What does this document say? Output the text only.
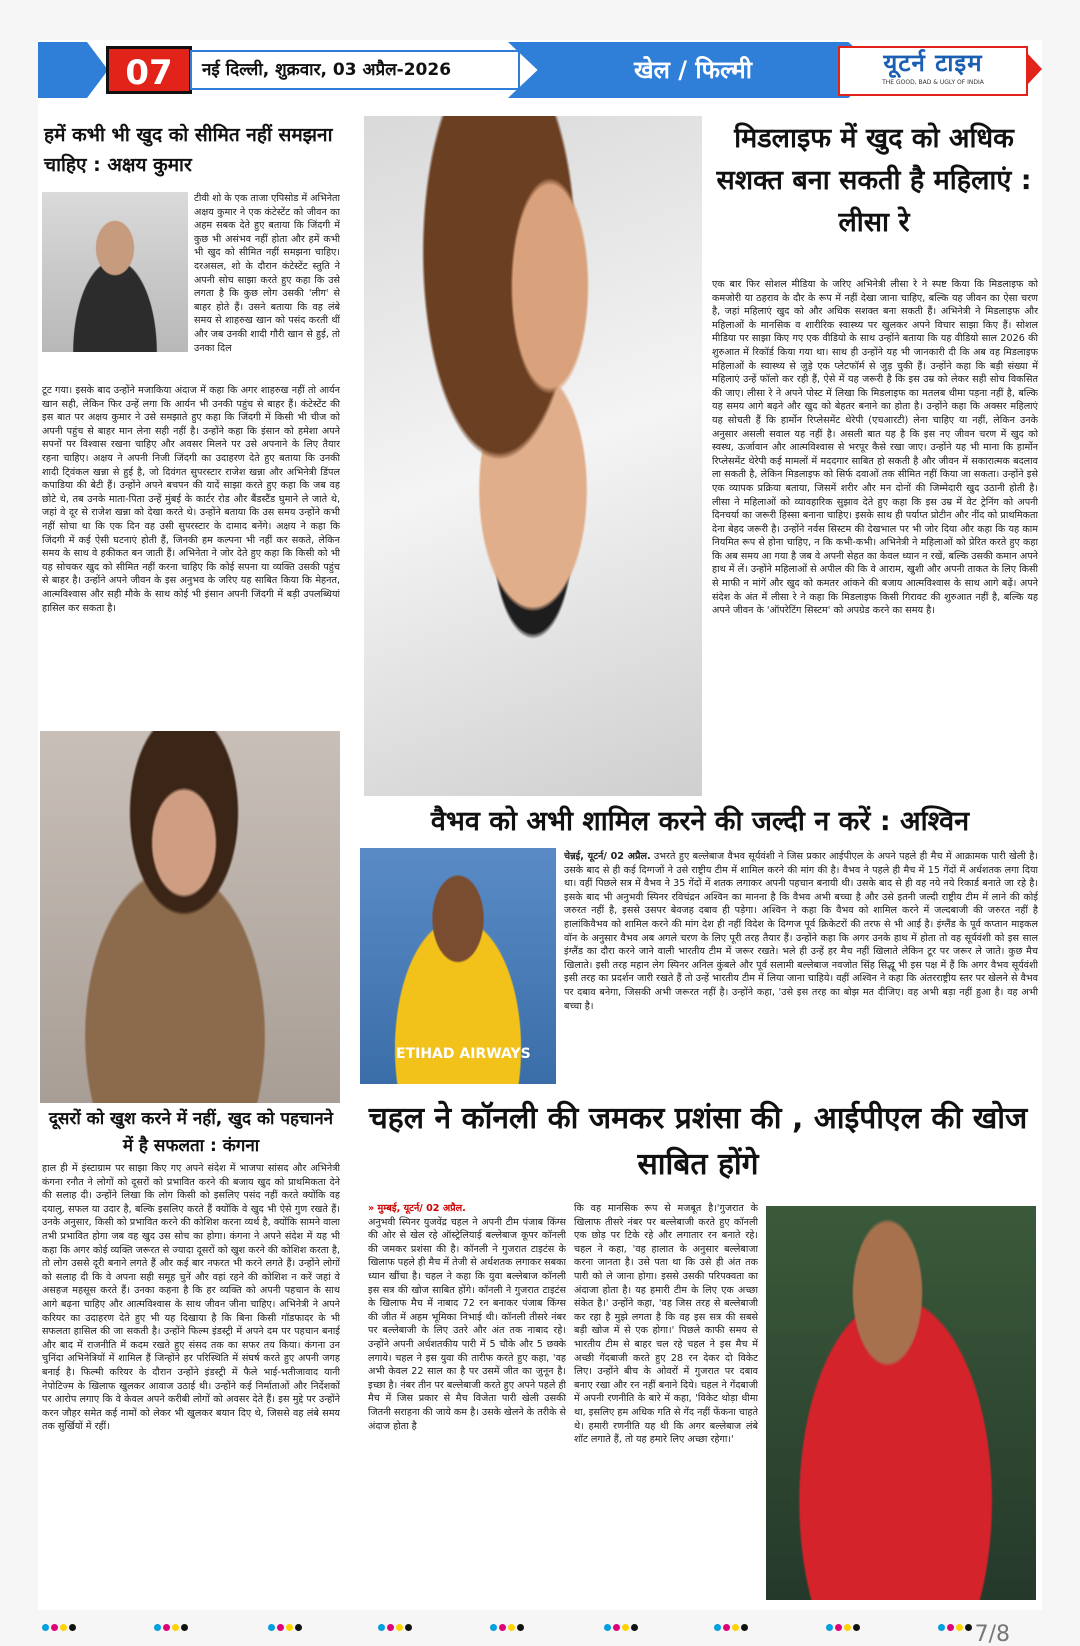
07	नई दिल्ली, शुक्रवार, 03 अप्रैल-2026	खेल / फिल्मी	यूटर्न टाइम
THE GOOD, BAD & UGLY OF INDIA
हमें कभी भी खुद को सीमित नहीं समझना चाहिए : अक्षय कुमार
टीवी शो के एक ताजा एपिसोड में अभिनेता अक्षय कुमार ने एक कंटेस्टेंट को जीवन का अहम सबक देते हुए बताया कि जिंदगी में कुछ भी असंभव नहीं होता और हमें कभी भी खुद को सीमित नहीं समझना चाहिए। दरअसल, शो के दौरान कंटेस्टेंट स्तुति ने अपनी सोच साझा करते हुए कहा कि उसे लगता है कि कुछ लोग उसकी 'लीग' से बाहर होते हैं। उसने बताया कि वह लंबे समय से शाहरुख खान को पसंद करती थीं और जब उनकी शादी गौरी खान से हुई, तो उनका दिल
टूट गया। इसके बाद उन्होंने मजाकिया अंदाज में कहा कि अगर शाहरुख नहीं तो आर्यन खान सही, लेकिन फिर उन्हें लगा कि आर्यन भी उनकी पहुंच से बाहर हैं। कंटेस्टेंट की इस बात पर अक्षय कुमार ने उसे समझाते हुए कहा कि जिंदगी में किसी भी चीज को अपनी पहुंच से बाहर मान लेना सही नहीं है। उन्होंने कहा कि इंसान को हमेशा अपने सपनों पर विश्वास रखना चाहिए और अवसर मिलने पर उसे अपनाने के लिए तैयार रहना चाहिए। अक्षय ने अपनी निजी जिंदगी का उदाहरण देते हुए बताया कि उनकी शादी टि्वंकल खन्ना से हुई है, जो दिवंगत सुपरस्टार राजेश खन्ना और अभिनेत्री डिंपल कपाडिया की बेटी हैं। उन्होंने अपने बचपन की यादें साझा करते हुए कहा कि जब वह छोटे थे, तब उनके माता-पिता उन्हें मुंबई के कार्टर रोड और बैंडस्टैंड घुमाने ले जाते थे, जहां वे दूर से राजेश खन्ना को देखा करते थे। उन्होंने बताया कि उस समय उन्होंने कभी नहीं सोचा था कि एक दिन वह उसी सुपरस्टार के दामाद बनेंगे। अक्षय ने कहा कि जिंदगी में कई ऐसी घटनाएं होती हैं, जिनकी हम कल्पना भी नहीं कर सकते, लेकिन समय के साथ वे हकीकत बन जाती हैं। अभिनेता ने जोर देते हुए कहा कि किसी को भी यह सोचकर खुद को सीमित नहीं करना चाहिए कि कोई सपना या व्यक्ति उसकी पहुंच से बाहर है। उन्होंने अपने जीवन के इस अनुभव के जरिए यह साबित किया कि मेहनत, आत्मविश्वास और सही मौके के साथ कोई भी इंसान अपनी जिंदगी में बड़ी उपलब्धियां हासिल कर सकता है।
मिडलाइफ में खुद को अधिक सशक्त बना सकती है महिलाएं : लीसा रे
एक बार फिर सोशल मीडिया के जरिए अभिनेत्री लीसा रे ने स्पष्ट किया कि मिडलाइफ को कमजोरी या ठहराव के दौर के रूप में नहीं देखा जाना चाहिए, बल्कि यह जीवन का ऐसा चरण है, जहां महिलाएं खुद को और अधिक सशक्त बना सकती हैं। अभिनेत्री ने मिडलाइफ और महिलाओं के मानसिक व शारीरिक स्वास्थ्य पर खुलकर अपने विचार साझा किए हैं। सोशल मीडिया पर साझा किए गए एक वीडियो के साथ उन्होंने बताया कि यह वीडियो साल 2026 की शुरुआत में रिकॉर्ड किया गया था। साथ ही उन्होंने यह भी जानकारी दी कि अब वह मिडलाइफ महिलाओं के स्वास्थ्य से जुड़े एक प्लेटफॉर्म से जुड़ चुकी हैं। उन्होंने कहा कि बड़ी संख्या में महिलाएं उन्हें फॉलो कर रही हैं, ऐसे में यह जरूरी है कि इस उम्र को लेकर सही सोच विकसित की जाए। लीसा रे ने अपने पोस्ट में लिखा कि मिडलाइफ का मतलब धीमा पड़ना नहीं है, बल्कि यह समय आगे बढ़ने और खुद को बेहतर बनाने का होता है। उन्होंने कहा कि अक्सर महिलाएं यह सोचती हैं कि हार्मोन रिप्लेसमेंट थेरेपी (एचआरटी) लेना चाहिए या नहीं, लेकिन उनके अनुसार असली सवाल यह नहीं है। असली बात यह है कि इस नए जीवन चरण में खुद को स्वस्थ, ऊर्जावान और आत्मविश्वास से भरपूर कैसे रखा जाए। उन्होंने यह भी माना कि हार्मोन रिप्लेसमेंट थेरेपी कई मामलों में मददगार साबित हो सकती है और जीवन में सकारात्मक बदलाव ला सकती है, लेकिन मिडलाइफ को सिर्फ दवाओं तक सीमित नहीं किया जा सकता। उन्होंने इसे एक व्यापक प्रक्रिया बताया, जिसमें शरीर और मन दोनों की जिम्मेदारी खुद उठानी होती है। लीसा ने महिलाओं को व्यावहारिक सुझाव देते हुए कहा कि इस उम्र में वेट ट्रेनिंग को अपनी दिनचर्या का जरूरी हिस्सा बनाना चाहिए। इसके साथ ही पर्याप्त प्रोटीन और नींद को प्राथमिकता देना बेहद जरूरी है। उन्होंने नर्वस सिस्टम की देखभाल पर भी जोर दिया और कहा कि यह काम नियमित रूप से होना चाहिए, न कि कभी-कभी। अभिनेत्री ने महिलाओं को प्रेरित करते हुए कहा कि अब समय आ गया है जब वे अपनी सेहत का केवल ध्यान न रखें, बल्कि उसकी कमान अपने हाथ में लें। उन्होंने महिलाओं से अपील की कि वे आराम, खुशी और अपनी ताकत के लिए किसी से माफी न मांगें और खुद को कमतर आंकने की बजाय आत्मविश्वास के साथ आगे बढ़ें। अपने संदेश के अंत में लीसा रे ने कहा कि मिडलाइफ किसी गिरावट की शुरुआत नहीं है, बल्कि यह अपने जीवन के 'ऑपरेटिंग सिस्टम' को अपग्रेड करने का समय है।
वैभव को अभी शामिल करने की जल्दी न करें : अश्विन
ETIHAD AIRWAYS
चेन्नई, यूटर्न/ 02 अप्रैल. उभरते हुए बल्लेबाज वैभव सूर्यवंशी ने जिस प्रकार आईपीएल के अपने पहले ही मैच में आक्रामक पारी खेली है। उसके बाद से ही कई दिग्गजों ने उसे राष्ट्रीय टीम में शामिल करने की मांग की है। वैभव ने पहले ही मैच में 15 गेंदों में अर्धशतक लगा दिया था। वहीं पिछले सत्र में वैभव ने 35 गेंदों में शतक लगाकर अपनी पहचान बनायी थी। उसके बाद से ही वह नये नये रिकार्ड बनाते जा रहे है। इसके बाद भी अनुभवी स्पिनर रविचंद्रन अश्विन का मानना है कि वैभव अभी बच्चा है और उसे इतनी जल्दी राष्ट्रीय टीम में लाने की कोई जरुरत नहीं है, इससे उसपर बेवजह दबाव ही पड़ेगा। अश्विन ने कहा कि वैभव को शामिल करने में जल्दबाजी की जरुरत नहीं है हालांकिवैभव को शामिल करने की मांग देश ही नहीं विदेश के दिग्गज पूर्व क्रिकेटरों की तरफ से भी आई है। इंग्लैंड के पूर्व कप्तान माइकल वॉन के अनुसार वैभव अब अगले चरण के लिए पूरी तरह तैयार हैं। उन्होंने कहा कि अगर उनके हाथ में होता तो वह सूर्यवंशी को इस साल इंग्लैंड का दौरा करने जाने वाली भारतीय टीम में जरूर रखते। भले ही उन्हें हर मैच नहीं खिलाते लेकिन टूर पर जरूर ले जाते। कुछ मैच खिलाते। इसी तरह महान लेग स्पिनर अनिल कुंबले और पूर्व सलामी बल्लेबाज नवजोत सिंह सिद्धू भी इस पक्ष में हैं कि अगर वैभव सूर्यवंशी इसी तरह का प्रदर्शन जारी रखते हैं तो उन्हें भारतीय टीम में लिया जाना चाहिये। वहीं अश्विन ने कहा कि अंतरराष्ट्रीय स्तर पर खेलने से वैभव पर दबाव बनेगा, जिसकी अभी जरूरत नहीं है। उन्होंने कहा, 'उसे इस तरह का बोझ मत दीजिए। वह अभी बड़ा नहीं हुआ है। वह अभी बच्चा है।
दूसरों को खुश करने में नहीं, खुद को पहचानने में है सफलता : कंगना
हाल ही में इंस्टाग्राम पर साझा किए गए अपने संदेश में भाजपा सांसद और अभिनेत्री कंगना रनौत ने लोगों को दूसरों को प्रभावित करने की बजाय खुद को प्राथमिकता देने की सलाह दी। उन्होंने लिखा कि लोग किसी को इसलिए पसंद नहीं करते क्योंकि वह दयालु, सफल या उदार है, बल्कि इसलिए करते हैं क्योंकि वे खुद भी ऐसे गुण रखते हैं। उनके अनुसार, किसी को प्रभावित करने की कोशिश करना व्यर्थ है, क्योंकि सामने वाला तभी प्रभावित होगा जब वह खुद उस सोच का होगा। कंगना ने अपने संदेश में यह भी कहा कि अगर कोई व्यक्ति जरूरत से ज्यादा दूसरों को खुश करने की कोशिश करता है, तो लोग उससे दूरी बनाने लगते हैं और कई बार नफरत भी करने लगते हैं। उन्होंने लोगों को सलाह दी कि वे अपना सही समूह चुनें और वहां रहने की कोशिश न करें जहां वे असहज महसूस करते हैं। उनका कहना है कि हर व्यक्ति को अपनी पहचान के साथ आगे बढ़ना चाहिए और आत्मविश्वास के साथ जीवन जीना चाहिए। अभिनेत्री ने अपने करियर का उदाहरण देते हुए भी यह दिखाया है कि बिना किसी गॉडफादर के भी सफलता हासिल की जा सकती है। उन्होंने फिल्म इंडस्ट्री में अपने दम पर पहचान बनाई और बाद में राजनीति में कदम रखते हुए संसद तक का सफर तय किया। कंगना उन चुनिंदा अभिनेत्रियों में शामिल हैं जिन्होंने हर परिस्थिति में संघर्ष करते हुए अपनी जगह बनाई है। फिल्मी करियर के दौरान उन्होंने इंडस्ट्री में फैले भाई-भतीजावाद यानी नेपोटिज्म के खिलाफ खुलकर आवाज उठाई थी। उन्होंने कई निर्माताओं और निर्देशकों पर आरोप लगाए कि वे केवल अपने करीबी लोगों को अवसर देते हैं। इस मुद्दे पर उन्होंने करन जौहर समेत कई नामों को लेकर भी खुलकर बयान दिए थे, जिससे वह लंबे समय तक सुर्खियों में रहीं।
चहल ने कॉनली की जमकर प्रशंसा की , आईपीएल की खोज साबित होंगे
» मुम्बई, यूटर्न/ 02 अप्रैल.
अनुभवी स्पिनर युजवेंद्र चहल ने अपनी टीम पंजाब किंग्स की ओर से खेल रहे ऑस्ट्रेलियाई बल्लेबाज कूपर कॉनली की जमकर प्रशंसा की है। कॉनली ने गुजरात टाइटंस के खिलाफ पहले ही मैच में तेजी से अर्धशतक लगाकर सबका ध्यान खींचा है। चहल ने कहा कि युवा बल्लेबाज कॉनली इस सत्र की खोज साबित होंगे। कॉनली ने गुजरात टाइटंस के खिलाफ मैच में नाबाद 72 रन बनाकर पंजाब किंग्स की जीत में अहम भूमिका निभाई थी। कॉनली तीसरे नंबर पर बल्लेबाजी के लिए उतरे और अंत तक नाबाद रहे। उन्होंने अपनी अर्धशतकीय पारी में 5 चौके और 5 छक्के लगाये। चहल ने इस युवा की तारीफ करते हुए कहा, 'वह अभी केवल 22 साल का है पर उसमें जीत का जुनून है। इच्छा है। नंबर तीन पर बल्लेबाजी करते हुए अपने पहले ही मैच में जिस प्रकार से मैच विजेता पारी खेली उसकी जितनी सराहना की जाये कम है। उसके खेलने के तरीके से अंदाज होता है
कि वह मानसिक रूप से मजबूत है।'गुजरात के खिलाफ तीसरे नंबर पर बल्लेबाजी करते हुए कॉनली एक छोड़ पर टिके रहे और लगातार रन बनाते रहे। चहल ने कहा, 'वह हालात के अनुसार बल्लेबाजा करना जानता है। उसे पता था कि उसे ही अंत तक पारी को ले जाना होगा। इससे उसकी परिपक्वता का अंदाजा होता है। यह हमारी टीम के लिए एक अच्छा संकेत है।' उन्होंने कहा, 'वह जिस तरह से बल्लेबाजी कर रहा है मुझे लगता है कि वह इस सत्र की सबसे बड़ी खोज में से एक होगा।' पिछले काफी समय से भारतीय टीम से बाहर चल रहे चहल ने इस मैच में अच्छी गेंदबाजी करते हुए 28 रन देकर दो विकेट लिए। उन्होंने बीच के ओवरों में गुजरात पर दबाव बनाए रखा और रन नहीं बनाने दिये। चहल ने गेंदबाजी में अपनी रणनीति के बारे में कहा, 'विकेट थोड़ा धीमा था, इसलिए हम अधिक गति से गेंद नहीं फेंकना चाहते थे। हमारी रणनीति यह थी कि अगर बल्लेबाज लंबे शॉट लगाते हैं, तो यह हमारे लिए अच्छा रहेगा।'
7/8
